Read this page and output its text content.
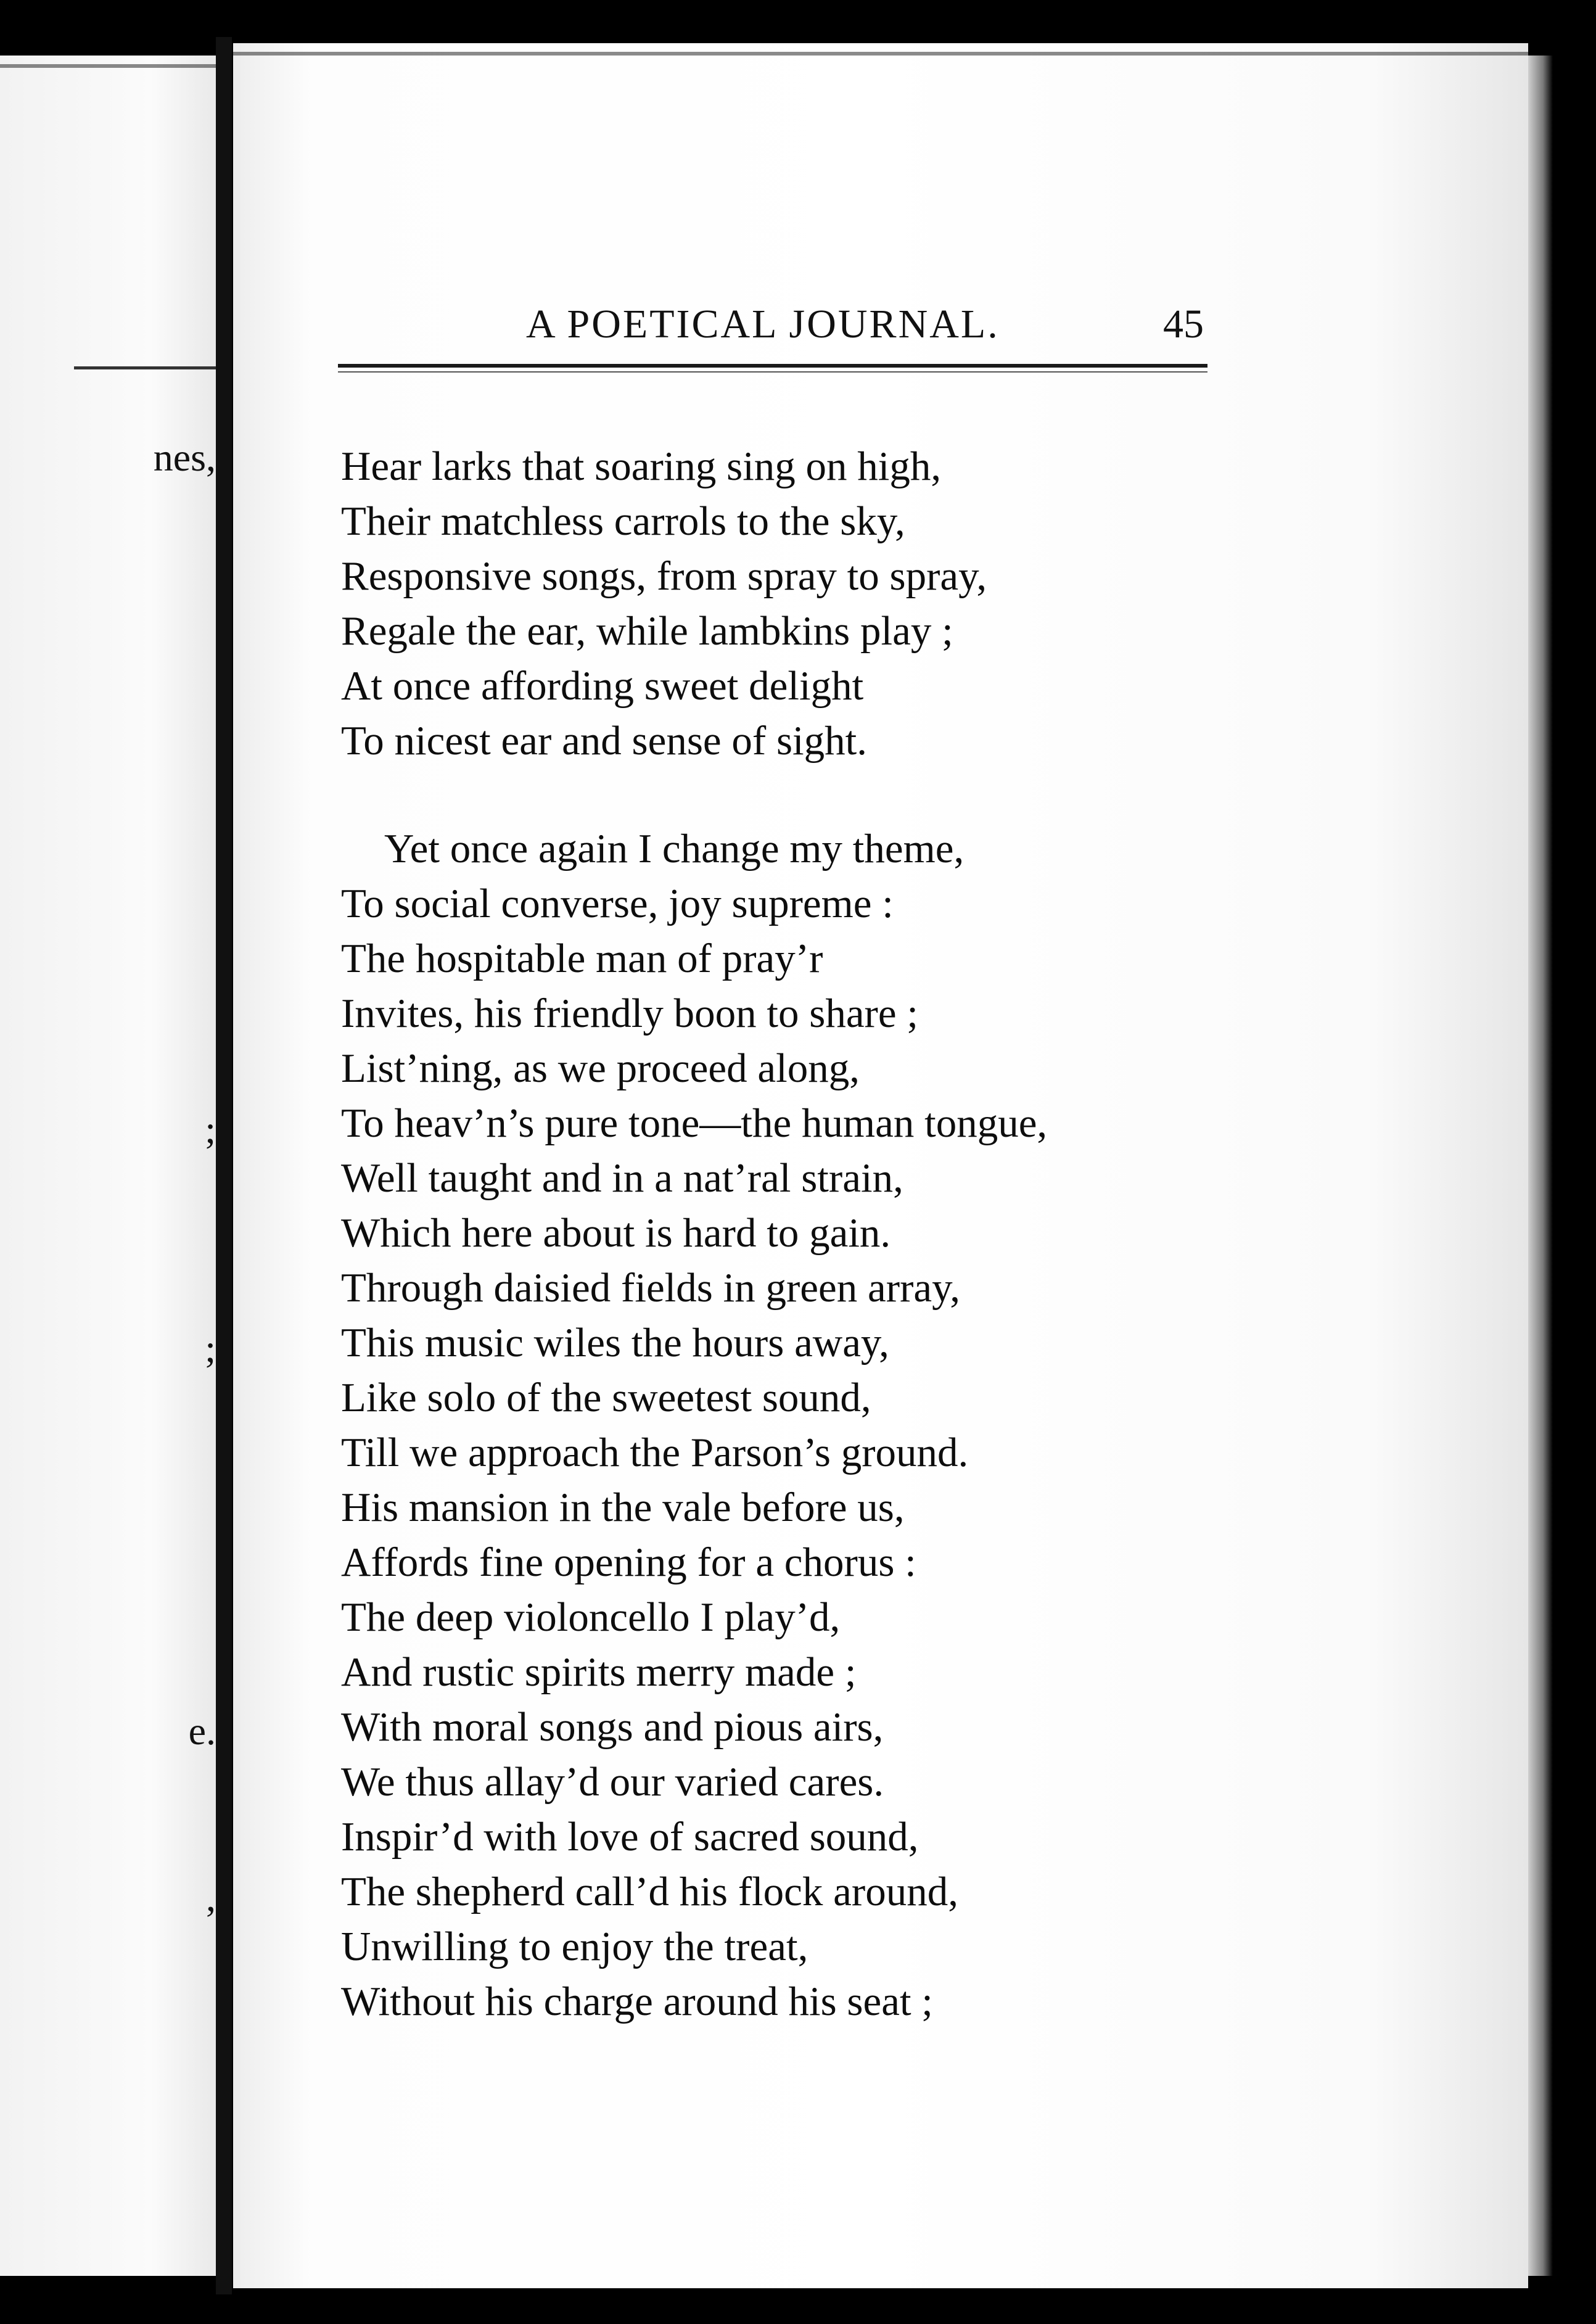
nes,
;
;
e.
,
A POETICAL JOURNAL.	45
Hear larks that soaring sing on high,
Their matchless carrols to the sky,
Responsive songs, from spray to spray,
Regale the ear, while lambkins play ;
At once affording sweet delight
To nicest ear and sense of sight.
Yet once again I change my theme,
To social converse, joy supreme :
The hospitable man of pray’r
Invites, his friendly boon to share ;
List’ning, as we proceed along,
To heav’n’s pure tone—the human tongue,
Well taught and in a nat’ral strain,
Which here about is hard to gain.
Through daisied fields in green array,
This music wiles the hours away,
Like solo of the sweetest sound,
Till we approach the Parson’s ground.
His mansion in the vale before us,
Affords fine opening for a chorus :
The deep violoncello I play’d,
And rustic spirits merry made ;
With moral songs and pious airs,
We thus allay’d our varied cares.
Inspir’d with love of sacred sound,
The shepherd call’d his flock around,
Unwilling to enjoy the treat,
Without his charge around his seat ;
